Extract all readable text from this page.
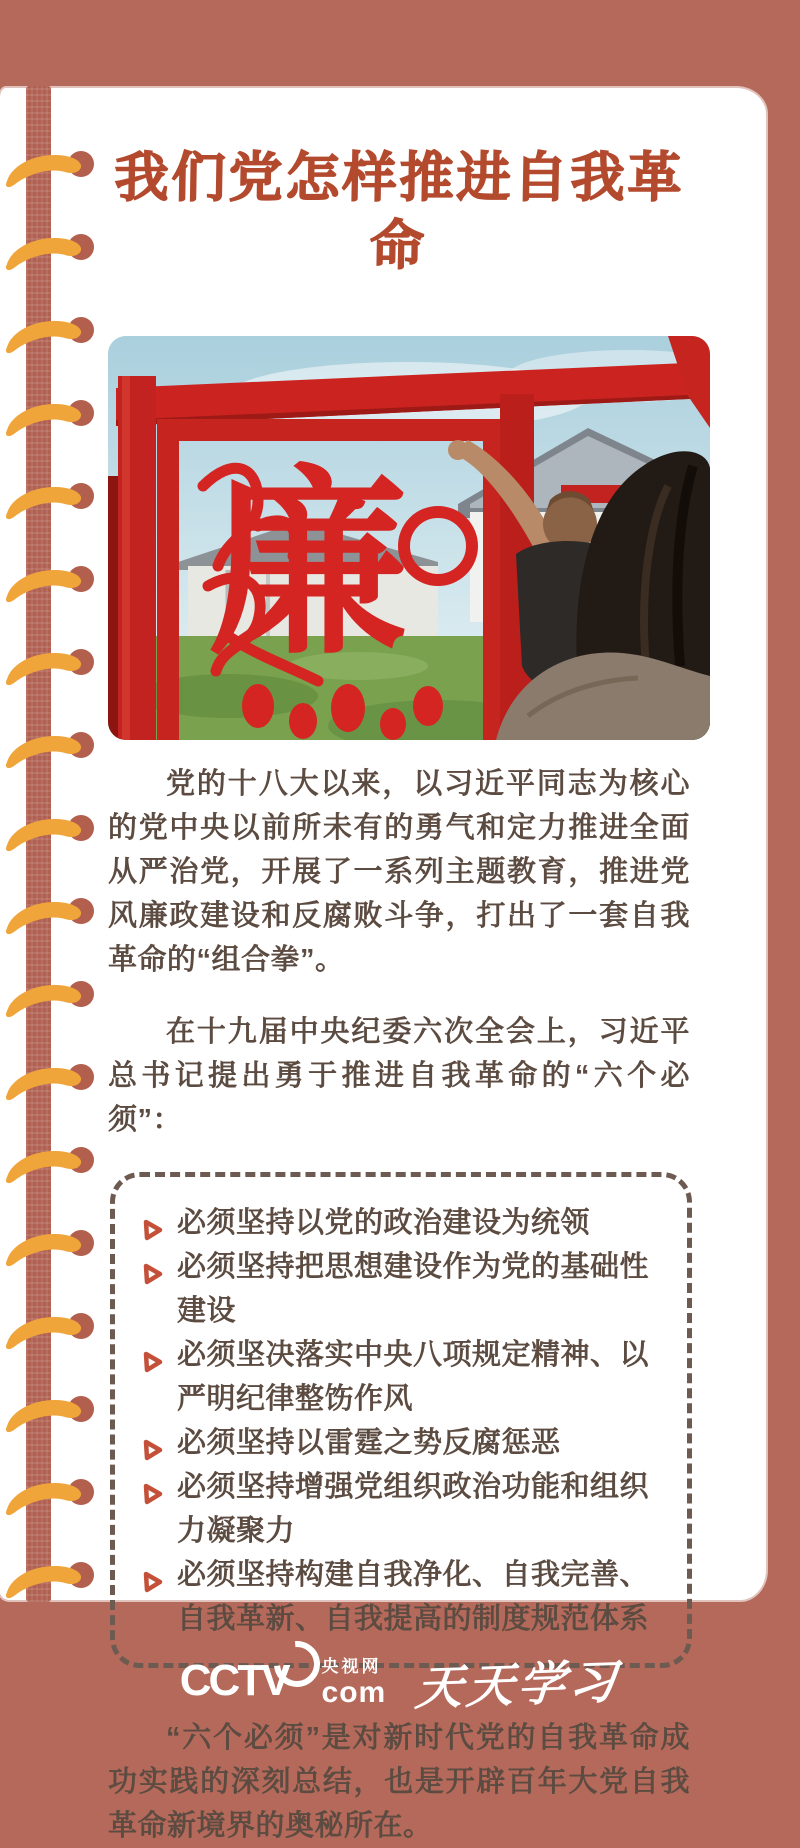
我们党怎样推进自我革命
廉

党的十八大以来，以习近平同志为核心的党中央以前所未有的勇气和定力推进全面从严治党，开展了一系列主题教育，推进党风廉政建设和反腐败斗争，打出了一套自我革命的“组合拳”。

在十九届中央纪委六次全会上，习近平总书记提出勇于推进自我革命的“六个必须”：

必须坚持以党的政治建设为统领
必须坚持把思想建设作为党的基础性建设
必须坚决落实中央八项规定精神、以严明纪律整饬作风
必须坚持以雷霆之势反腐惩恶
必须坚持增强党组织政治功能和组织力凝聚力
必须坚持构建自我净化、自我完善、自我革新、自我提高的制度规范体系

“六个必须”是对新时代党的自我革命成功实践的深刻总结，也是开辟百年大党自我革命新境界的奥秘所在。

CCTV 央视网
com 天天学习
